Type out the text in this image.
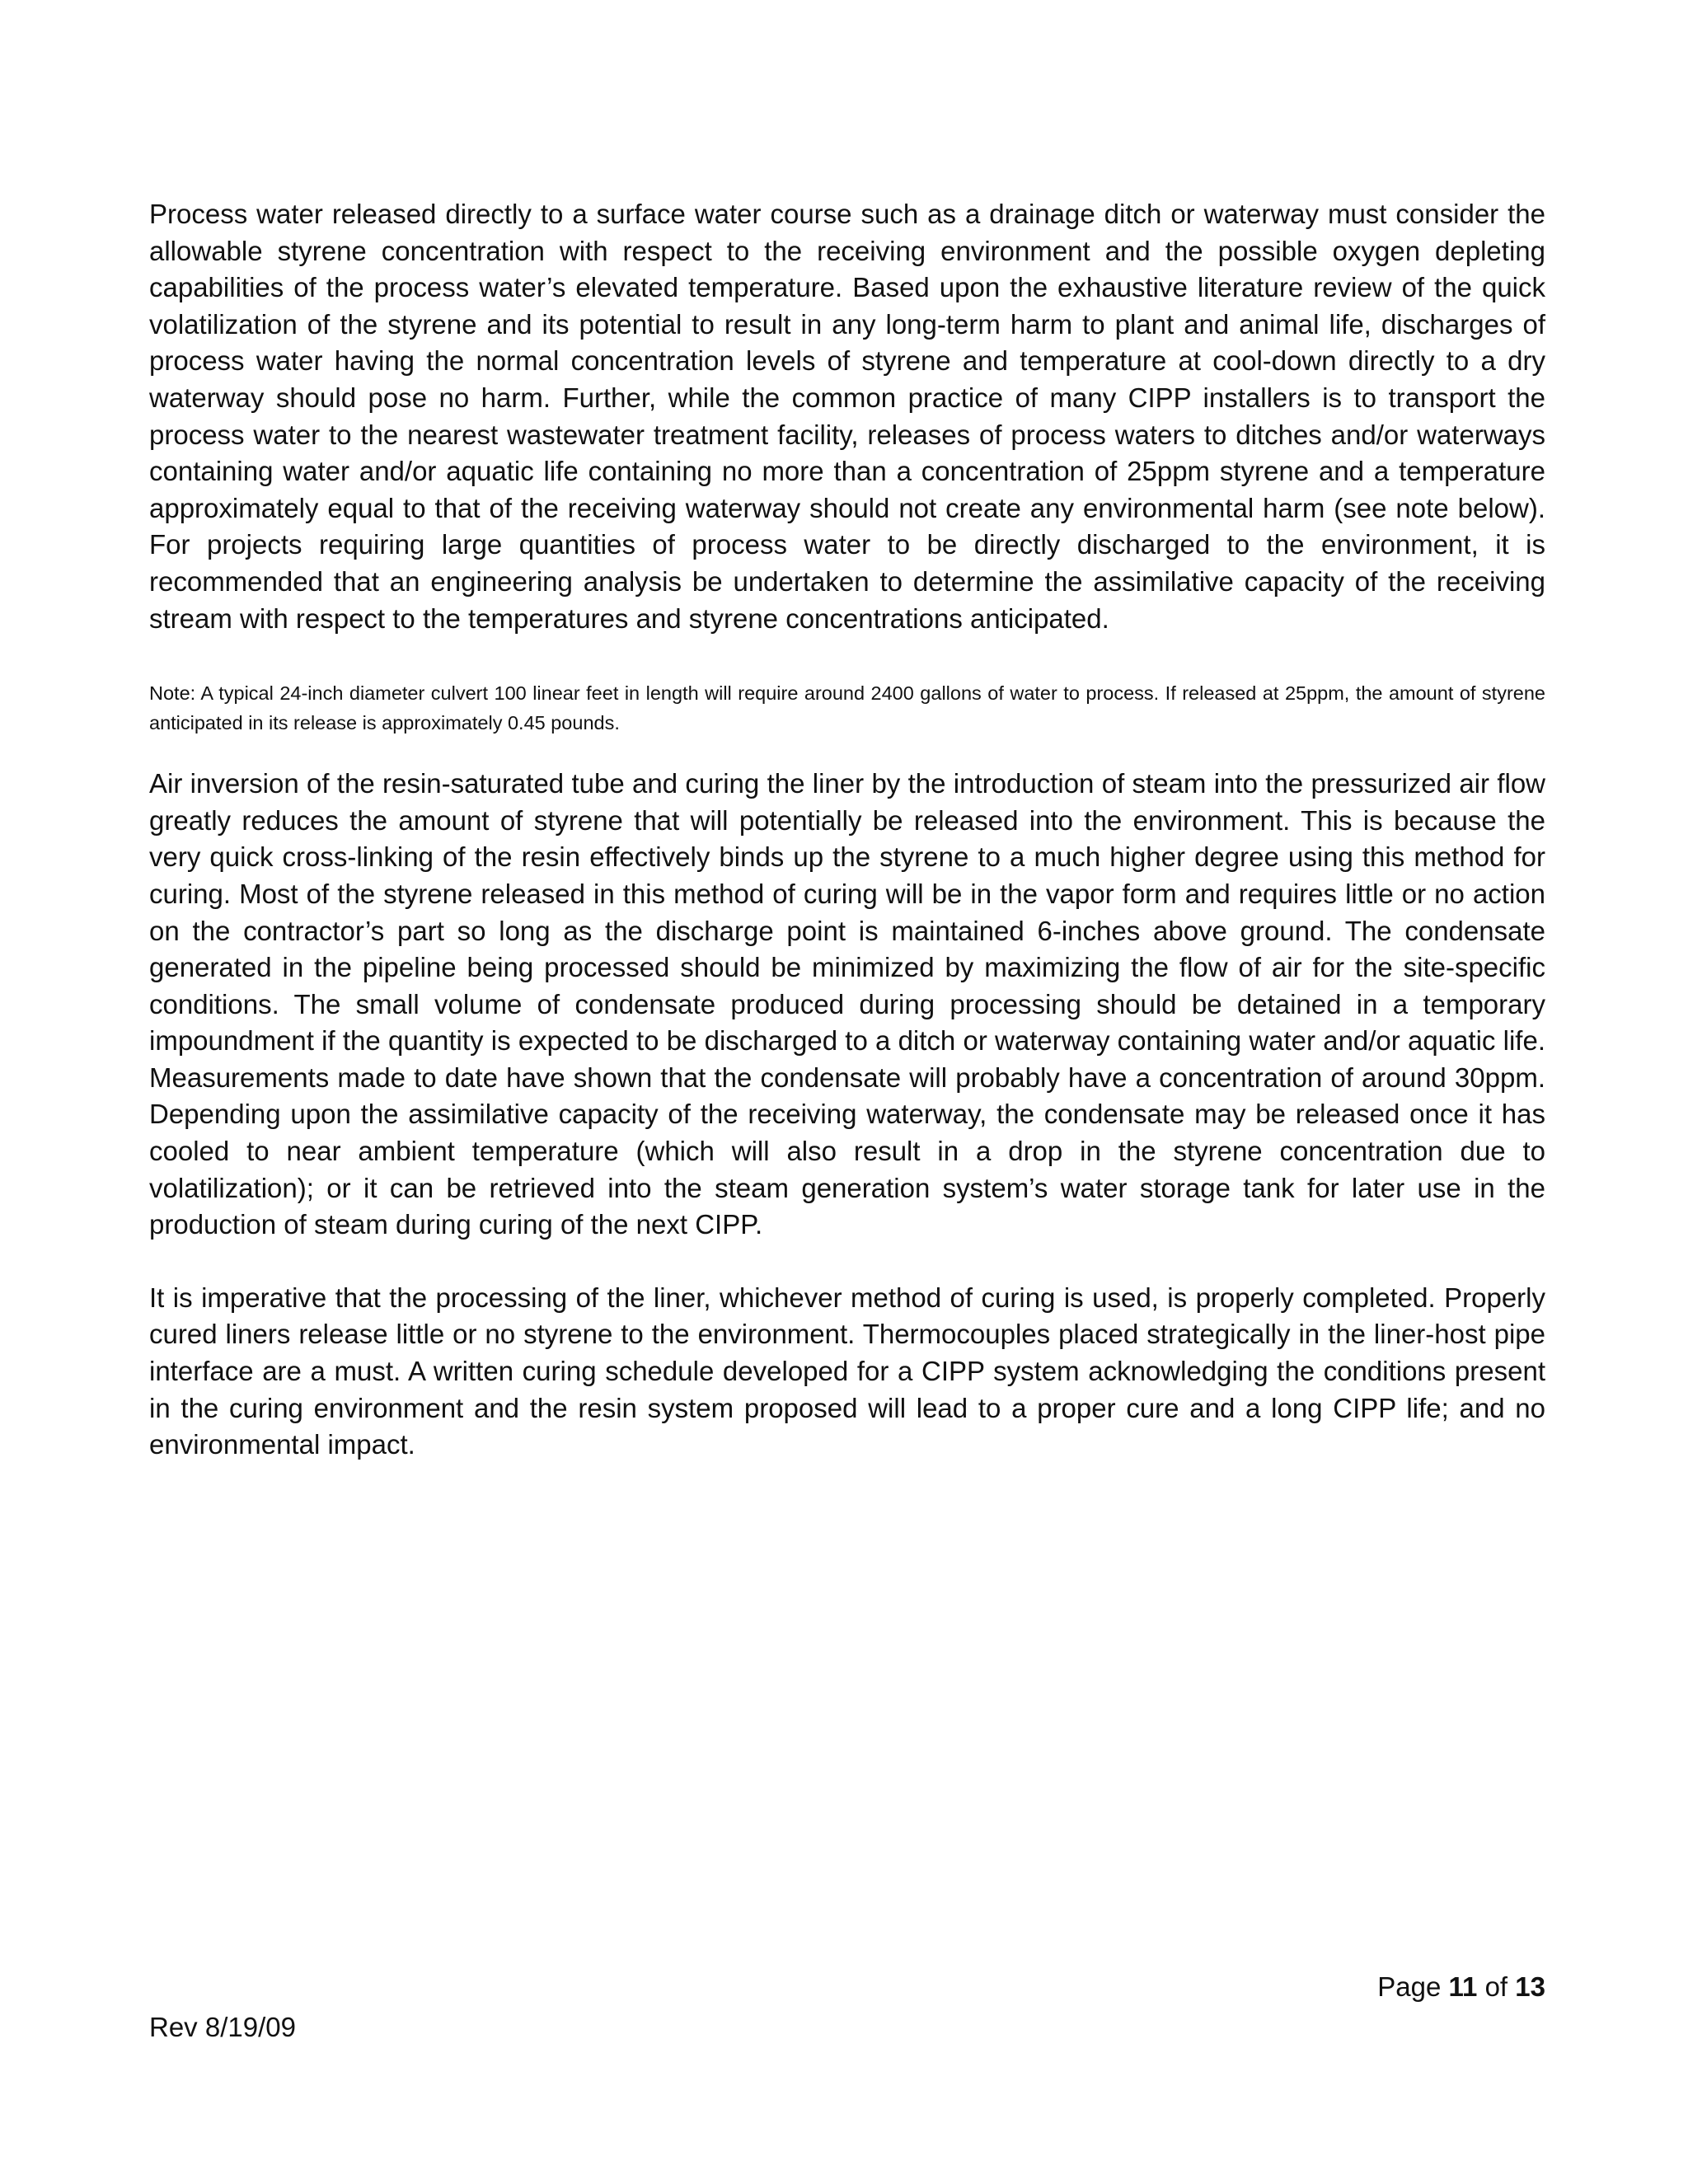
Process water released directly to a surface water course such as a drainage ditch or waterway must consider the allowable styrene concentration with respect to the receiving environment and the possible oxygen depleting capabilities of the process water’s elevated temperature. Based upon the exhaustive literature review of the quick volatilization of the styrene and its potential to result in any long-term harm to plant and animal life, discharges of process water having the normal concentration levels of styrene and temperature at cool-down directly to a dry waterway should pose no harm. Further, while the common practice of many CIPP installers is to transport the process water to the nearest wastewater treatment facility, releases of process waters to ditches and/or waterways containing water and/or aquatic life containing no more than a concentration of 25ppm styrene and a temperature approximately equal to that of the receiving waterway should not create any environmental harm (see note below). For projects requiring large quantities of process water to be directly discharged to the environment, it is recommended that an engineering analysis be undertaken to determine the assimilative capacity of the receiving stream with respect to the temperatures and styrene concentrations anticipated.

Note: A typical 24-inch diameter culvert 100 linear feet in length will require around 2400 gallons of water to process. If released at 25ppm, the amount of styrene anticipated in its release is approximately 0.45 pounds.

Air inversion of the resin-saturated tube and curing the liner by the introduction of steam into the pressurized air flow greatly reduces the amount of styrene that will potentially be released into the environment. This is because the very quick cross-linking of the resin effectively binds up the styrene to a much higher degree using this method for curing. Most of the styrene released in this method of curing will be in the vapor form and requires little or no action on the contractor’s part so long as the discharge point is maintained 6-inches above ground. The condensate generated in the pipeline being processed should be minimized by maximizing the flow of air for the site-specific conditions. The small volume of condensate produced during processing should be detained in a temporary impoundment if the quantity is expected to be discharged to a ditch or waterway containing water and/or aquatic life. Measurements made to date have shown that the condensate will probably have a concentration of around 30ppm. Depending upon the assimilative capacity of the receiving waterway, the condensate may be released once it has cooled to near ambient temperature (which will also result in a drop in the styrene concentration due to volatilization); or it can be retrieved into the steam generation system’s water storage tank for later use in the production of steam during curing of the next CIPP.

It is imperative that the processing of the liner, whichever method of curing is used, is properly completed. Properly cured liners release little or no styrene to the environment. Thermocouples placed strategically in the liner-host pipe interface are a must. A written curing schedule developed for a CIPP system acknowledging the conditions present in the curing environment and the resin system proposed will lead to a proper cure and a long CIPP life; and no environmental impact.

Page 11 of 13
Rev 8/19/09
